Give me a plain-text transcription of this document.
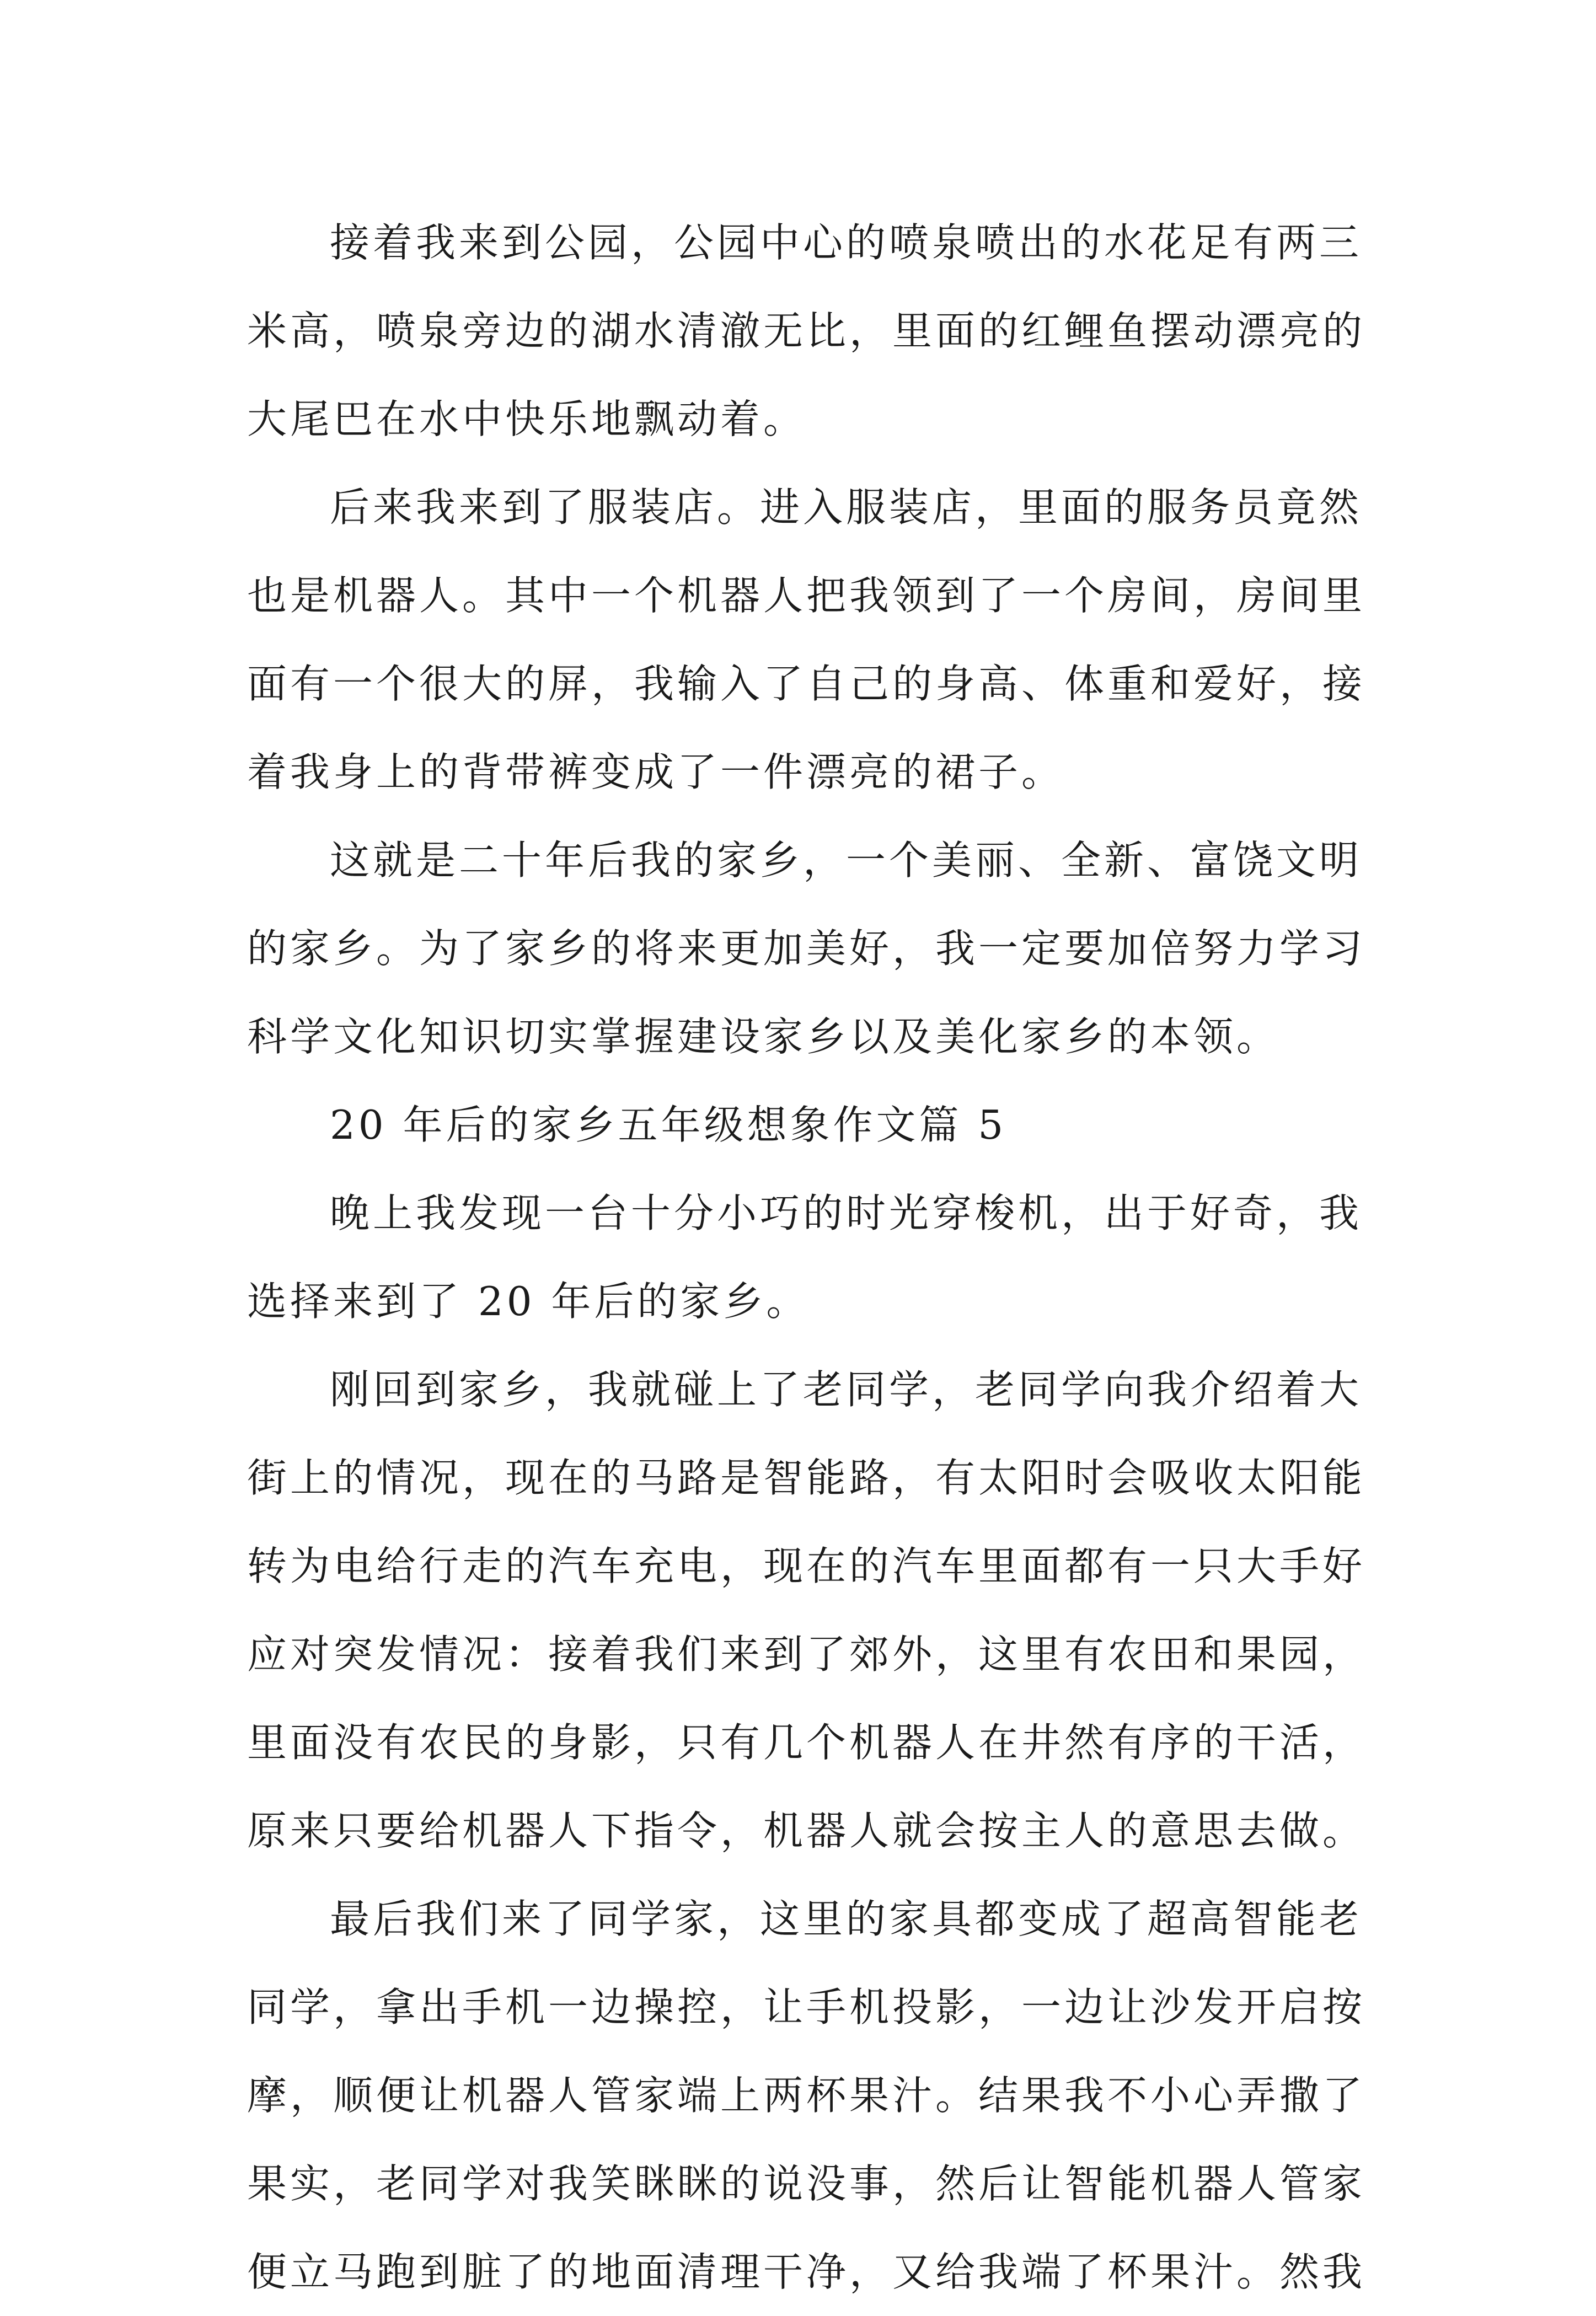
接着我来到公园，公园中心的喷泉喷出的水花足有两三
米高，喷泉旁边的湖水清澈无比，里面的红鲤鱼摆动漂亮的
大尾巴在水中快乐地飘动着。
后来我来到了服装店。进入服装店，里面的服务员竟然
也是机器人。其中一个机器人把我领到了一个房间，房间里
面有一个很大的屏，我输入了自己的身高、体重和爱好，接
着我身上的背带裤变成了一件漂亮的裙子。
这就是二十年后我的家乡，一个美丽、全新、富饶文明
的家乡。为了家乡的将来更加美好，我一定要加倍努力学习
科学文化知识切实掌握建设家乡以及美化家乡的本领。
20 年后的家乡五年级想象作文篇 5
晚上我发现一台十分小巧的时光穿梭机，出于好奇，我
选择来到了 20 年后的家乡。
刚回到家乡，我就碰上了老同学，老同学向我介绍着大
街上的情况，现在的马路是智能路，有太阳时会吸收太阳能
转为电给行走的汽车充电，现在的汽车里面都有一只大手好
应对突发情况：接着我们来到了郊外，这里有农田和果园，
里面没有农民的身影，只有几个机器人在井然有序的干活，
原来只要给机器人下指令，机器人就会按主人的意思去做。
最后我们来了同学家，这里的家具都变成了超高智能老
同学，拿出手机一边操控，让手机投影，一边让沙发开启按
摩，顺便让机器人管家端上两杯果汁。结果我不小心弄撒了
果实，老同学对我笑眯眯的说没事，然后让智能机器人管家
便立马跑到脏了的地面清理干净，又给我端了杯果汁。然我
